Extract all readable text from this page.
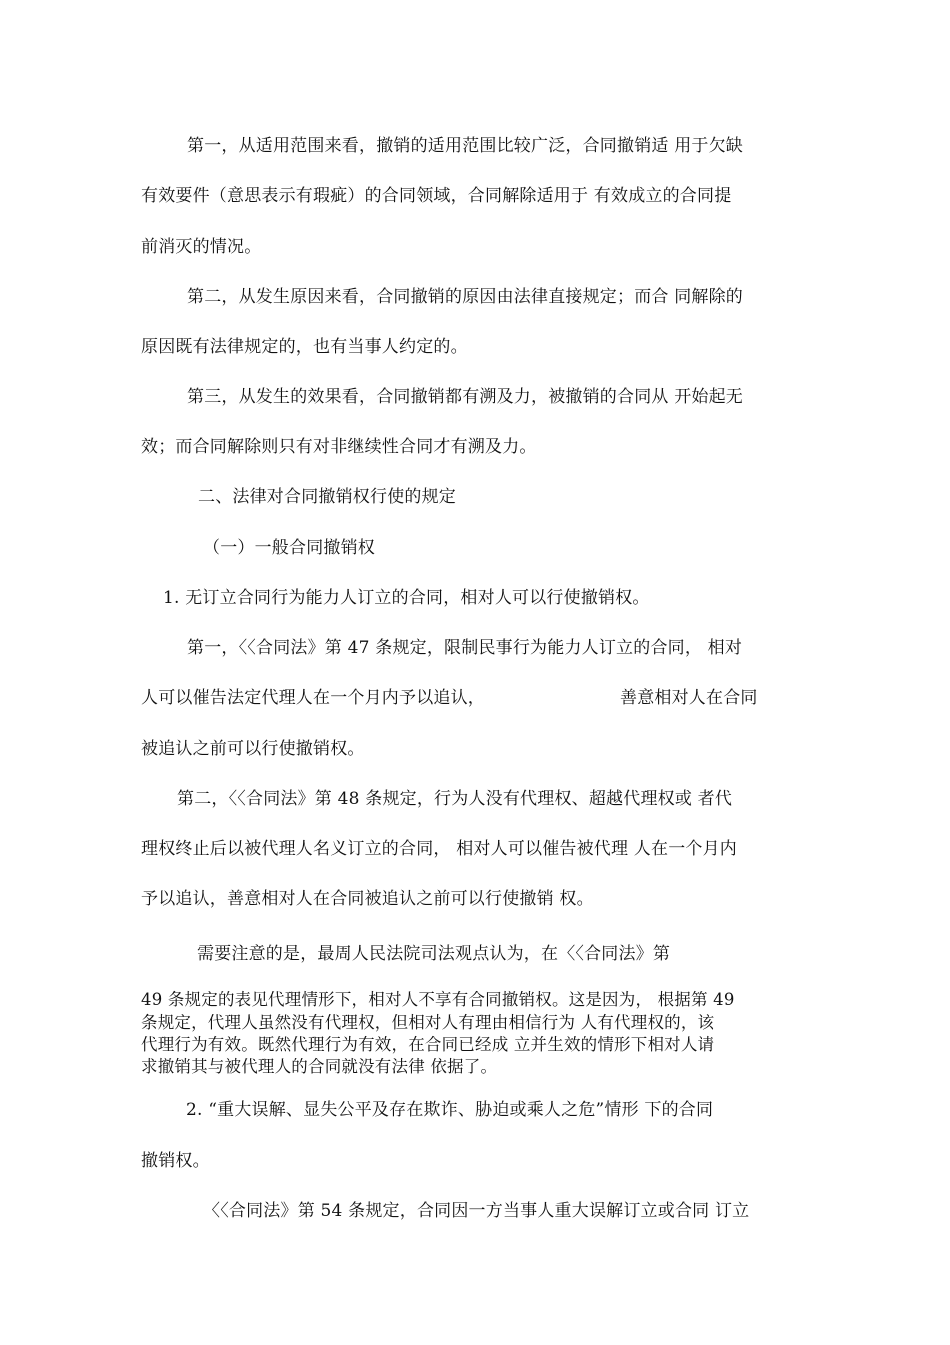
第一，从适用范围来看，撤销的适用范围比较广泛，合同撤销适 用于欠缺
有效要件（意思表示有瑕疵）的合同领域，合同解除适用于 有效成立的合同提
前消灭的情况。
第二，从发生原因来看，合同撤销的原因由法律直接规定；而合 同解除的
原因既有法律规定的，也有当事人约定的。
第三，从发生的效果看，合同撤销都有溯及力，被撤销的合同从 开始起无
效；而合同解除则只有对非继续性合同才有溯及力。
二、法律对合同撤销权行使的规定
（一）一般合同撤销权
1. 无订立合同行为能力人订立的合同，相对人可以行使撤销权。
第一，〈〈合同法》第 47 条规定，限制民事行为能力人订立的合同， 相对
人可以催告法定代理人在一个月内予以追认，	善意相对人在合同
被追认之前可以行使撤销权。
第二，〈〈合同法》第 48 条规定，行为人没有代理权、超越代理权或 者代
理权终止后以被代理人名义订立的合同， 相对人可以催告被代理 人在一个月内
予以追认，善意相对人在合同被追认之前可以行使撤销 权。
需要注意的是，最周人民法院司法观点认为，在〈〈合同法》第
49 条规定的表见代理情形下，相对人不享有合同撤销权。这是因为， 根据第 49
条规定，代理人虽然没有代理权，但相对人有理由相信行为 人有代理权的，该
代理行为有效。既然代理行为有效，在合同已经成 立并生效的情形下相对人请
求撤销其与被代理人的合同就没有法律 依据了。
2. “重大误解、显失公平及存在欺诈、胁迫或乘人之危”情形 下的合同
撤销权。
〈〈合同法》第 54 条规定，合同因一方当事人重大误解订立或合同 订立
